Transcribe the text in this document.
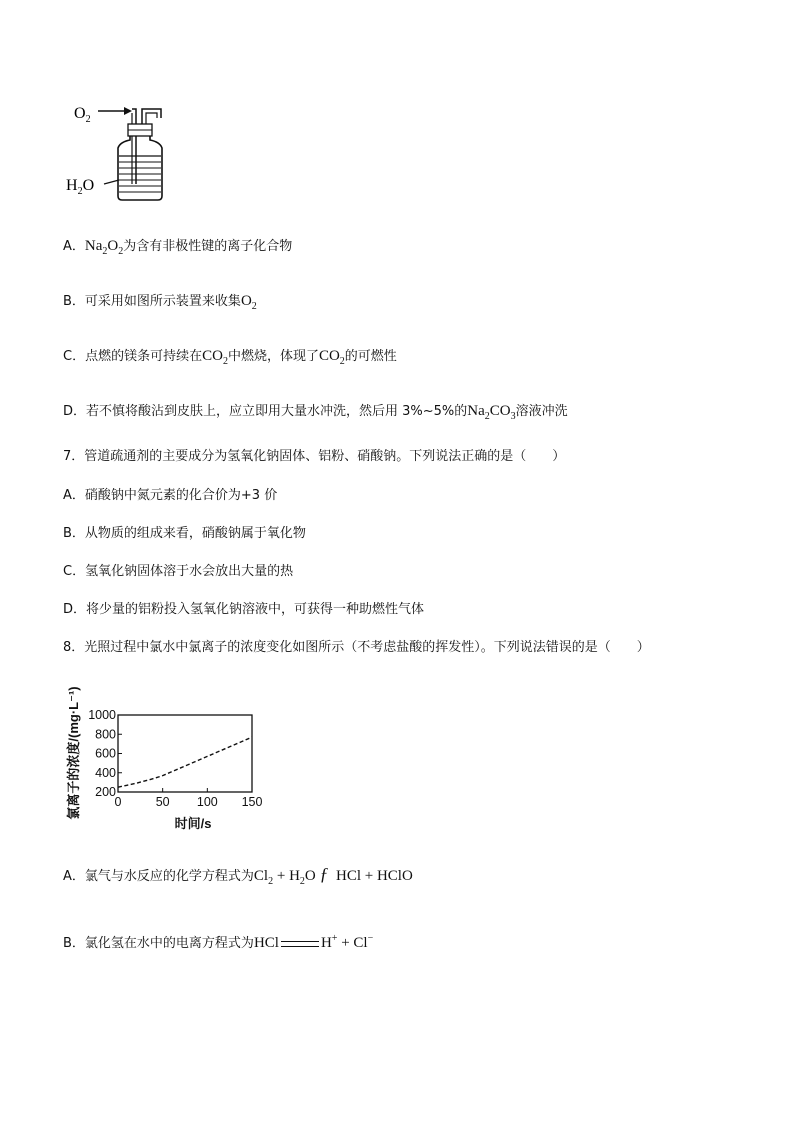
$O_2$
$H_2O$
A．$Na_2O_2$为含有非极性键的离子化合物
B．可采用如图所示装置来收集$O_2$
C．点燃的镁条可持续在$CO_2$中燃烧，体现了$CO_2$的可燃性
D．若不慎将酸沾到皮肤上，应立即用大量水冲洗，然后用 3%~5%的$Na_2CO_3$溶液冲洗
7．管道疏通剂的主要成分为氢氧化钠固体、铝粉、硝酸钠。下列说法正确的是（　　）
A．硝酸钠中氮元素的化合价为+3 价
B．从物质的组成来看，硝酸钠属于氧化物
C．氢氧化钠固体溶于水会放出大量的热
D．将少量的铝粉投入氢氧化钠溶液中，可获得一种助燃性气体
8．光照过程中氯水中氯离子的浓度变化如图所示（不考虑盐酸的挥发性）。下列说法错误的是（　　）
200
400
600
800
1000
0	50 100 150
氯离子的浓度/(mg·L⁻¹)
时间/s
A．氯气与水反应的化学方程式为$Cl_2 + H_2O$ ƒ HCl + HClO
B．氯化氢在水中的电离方程式为HCl	H+ + Cl−
